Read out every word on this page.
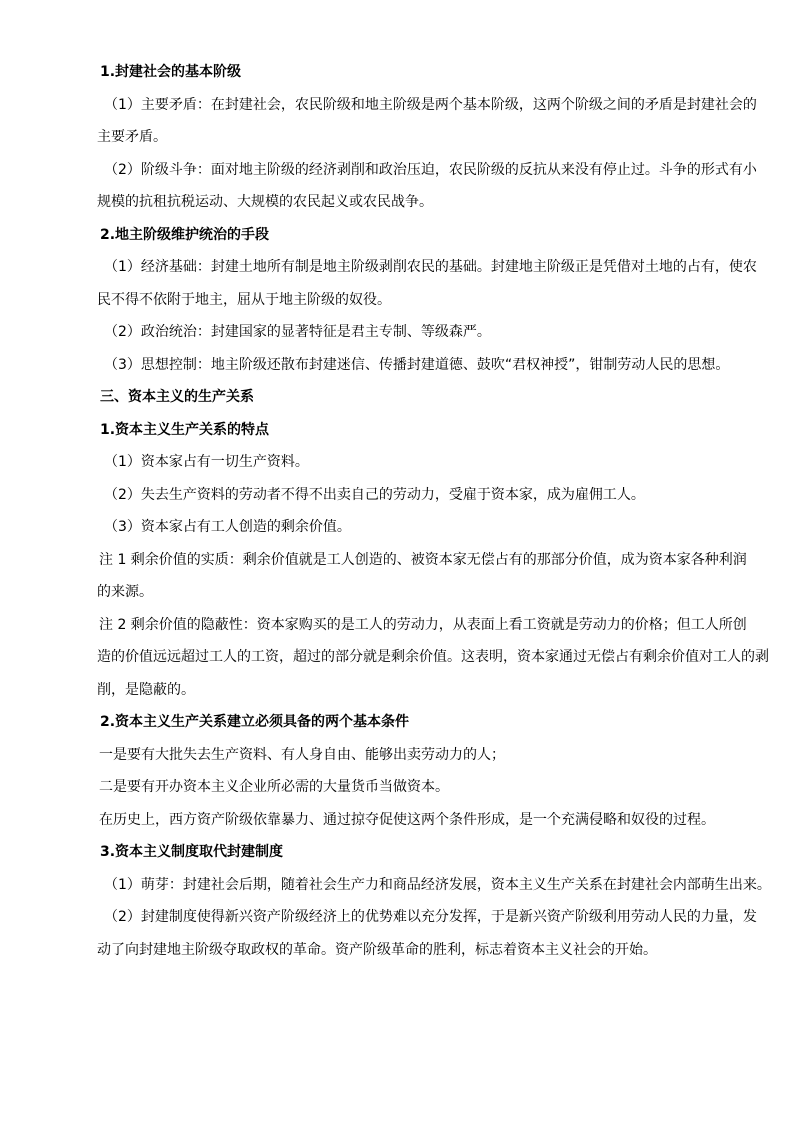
1.封建社会的基本阶级
（1）主要矛盾：在封建社会，农民阶级和地主阶级是两个基本阶级，这两个阶级之间的矛盾是封建社会的
主要矛盾。
（2）阶级斗争：面对地主阶级的经济剥削和政治压迫，农民阶级的反抗从来没有停止过。斗争的形式有小
规模的抗租抗税运动、大规模的农民起义或农民战争。
2.地主阶级维护统治的手段
（1）经济基础：封建土地所有制是地主阶级剥削农民的基础。封建地主阶级正是凭借对土地的占有，使农
民不得不依附于地主，屈从于地主阶级的奴役。
（2）政治统治：封建国家的显著特征是君主专制、等级森严。
（3）思想控制：地主阶级还散布封建迷信、传播封建道德、鼓吹“君权神授”，钳制劳动人民的思想。
三、资本主义的生产关系
1.资本主义生产关系的特点
（1）资本家占有一切生产资料。
（2）失去生产资料的劳动者不得不出卖自己的劳动力，受雇于资本家，成为雇佣工人。
（3）资本家占有工人创造的剩余价值。
注 1 剩余价值的实质：剩余价值就是工人创造的、被资本家无偿占有的那部分价值，成为资本家各种利润
的来源。
注 2 剩余价值的隐蔽性：资本家购买的是工人的劳动力，从表面上看工资就是劳动力的价格；但工人所创
造的价值远远超过工人的工资，超过的部分就是剩余价值。这表明，资本家通过无偿占有剩余价值对工人的剥
削，是隐蔽的。
2.资本主义生产关系建立必须具备的两个基本条件
一是要有大批失去生产资料、有人身自由、能够出卖劳动力的人；
二是要有开办资本主义企业所必需的大量货币当做资本。
在历史上，西方资产阶级依靠暴力、通过掠夺促使这两个条件形成，是一个充满侵略和奴役的过程。
3.资本主义制度取代封建制度
（1）萌芽：封建社会后期，随着社会生产力和商品经济发展，资本主义生产关系在封建社会内部萌生出来。
（2）封建制度使得新兴资产阶级经济上的优势难以充分发挥，于是新兴资产阶级利用劳动人民的力量，发
动了向封建地主阶级夺取政权的革命。资产阶级革命的胜利，标志着资本主义社会的开始。
